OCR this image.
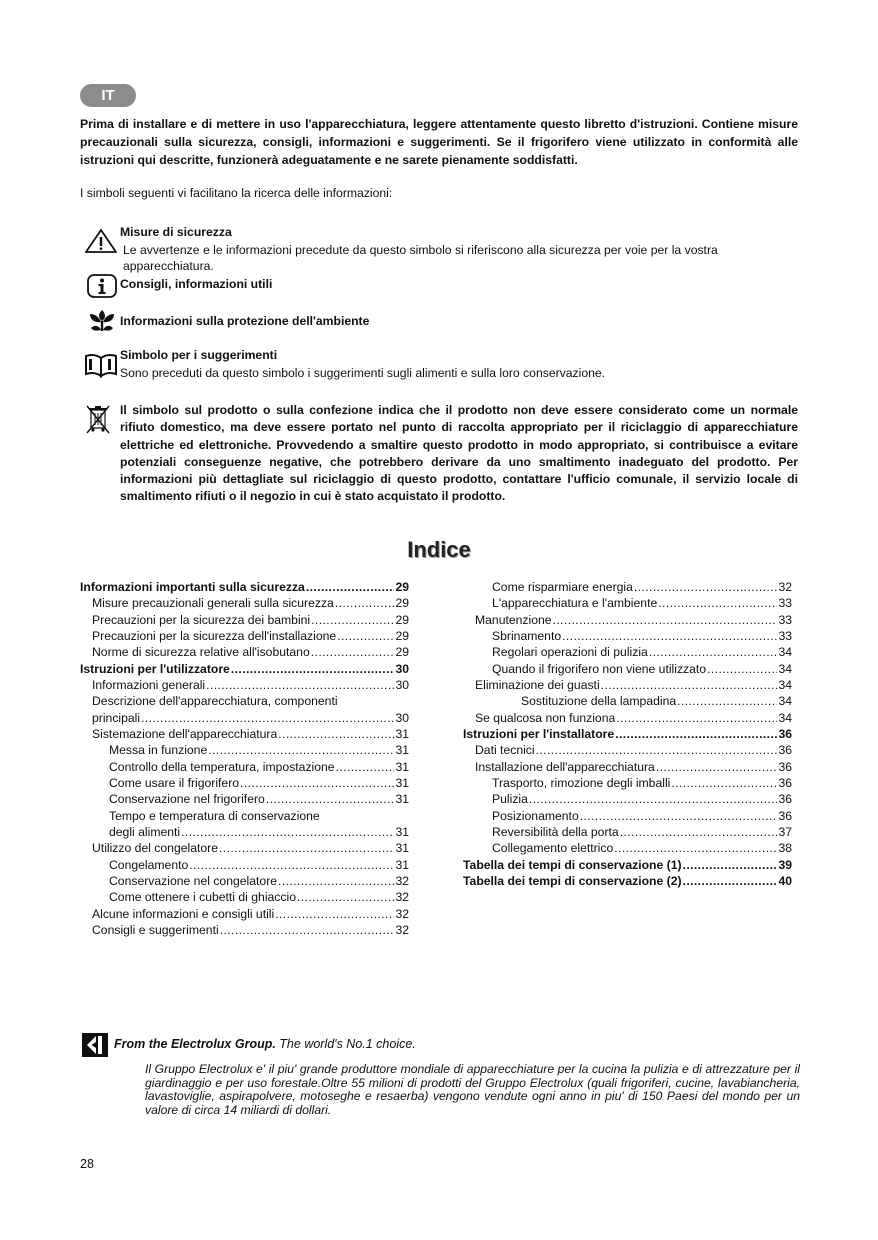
IT

Prima di installare e di mettere in uso l'apparecchiatura, leggere attentamente questo libretto d'istruzioni. Contiene misure precauzionali sulla sicurezza, consigli, informazioni e suggerimenti. Se il frigorifero viene utilizzato in conformità alle istruzioni qui descritte, funzionerà adeguatamente e ne sarete pienamente soddisfatti.

I simboli seguenti vi facilitano la ricerca delle informazioni:

Misure di sicurezza
Le avvertenze e le informazioni precedute da questo simbolo si riferiscono alla sicurezza per voie per la vostra apparecchiatura.
Consigli, informazioni utili
Informazioni sulla protezione dell'ambiente
Simbolo per i suggerimenti
Sono preceduti da questo simbolo i suggerimenti sugli alimenti e sulla loro conservazione.

Il simbolo sul prodotto o sulla confezione indica che il prodotto non deve essere considerato come un normale rifiuto domestico, ma deve essere portato nel punto di raccolta appropriato per il riciclaggio di apparecchiature elettriche ed elettroniche. Provvedendo a smaltire questo prodotto in modo appropriato, si contribuisce a evitare potenziali conseguenze negative, che potrebbero derivare da uno smaltimento inadeguato del prodotto. Per informazioni più dettagliate sul riciclaggio di questo prodotto, contattare l'ufficio comunale, il servizio locale di smaltimento rifiuti o il negozio in cui è stato acquistato il prodotto.

Indice
Informazioni importanti sulla sicurezza .....	29
Misure precauzionali generali sulla sicurezza .....	29
Precauzioni per la sicurezza dei bambini .....	29
Precauzioni per la sicurezza dell'installazione .....	29
Norme di sicurezza relative all'isobutano .....	29
Istruzioni per l'utilizzatore .....	30
Informazioni generali .....	30
Descrizione dell'apparecchiatura, componenti
principali .....	30
Sistemazione dell'apparecchiatura .....	31
Messa in funzione .....	31
Controllo della temperatura, impostazione .....	31
Come usare il frigorifero .....	31
Conservazione nel frigorifero .....	31
Tempo e temperatura di conservazione
degli alimenti .....	31
Utilizzo del congelatore .....	31
Congelamento .....	31
Conservazione nel congelatore .....	32
Come ottenere i cubetti di ghiaccio .....	32
Alcune informazioni e consigli utili .....	32
Consigli e suggerimenti .....	32
Come risparmiare energia .....	32
L'apparecchiatura e l'ambiente .....	33
Manutenzione .....	33
Sbrinamento .....	33
Regolari operazioni di pulizia .....	34
Quando il frigorifero non viene utilizzato .....	34
Eliminazione dei guasti .....	34
Sostituzione della lampadina .....	34
Se qualcosa non funziona .....	34
Istruzioni per l'installatore .....	36
Dati tecnici .....	36
Installazione dell'apparecchiatura .....	36
Trasporto, rimozione degli imballi .....	36
Pulizia .....	36
Posizionamento .....	36
Reversibilità della porta .....	37
Collegamento elettrico .....	38
Tabella dei tempi di conservazione (1) .....	39
Tabella dei tempi di conservazione (2) .....	40

From the Electrolux Group. The world's No.1 choice.

Il Gruppo Electrolux e' il piu' grande produttore mondiale di apparecchiature per la cucina la pulizia e di attrezzature per il giardinaggio e per uso forestale.Oltre 55 milioni di prodotti del Gruppo Electrolux (quali frigoriferi, cucine, lavabiancheria, lavastoviglie, aspirapolvere, motoseghe e resaerba) vengono vendute ogni anno in piu' di 150 Paesi del mondo per un valore di circa 14 miliardi di dollari.

28
